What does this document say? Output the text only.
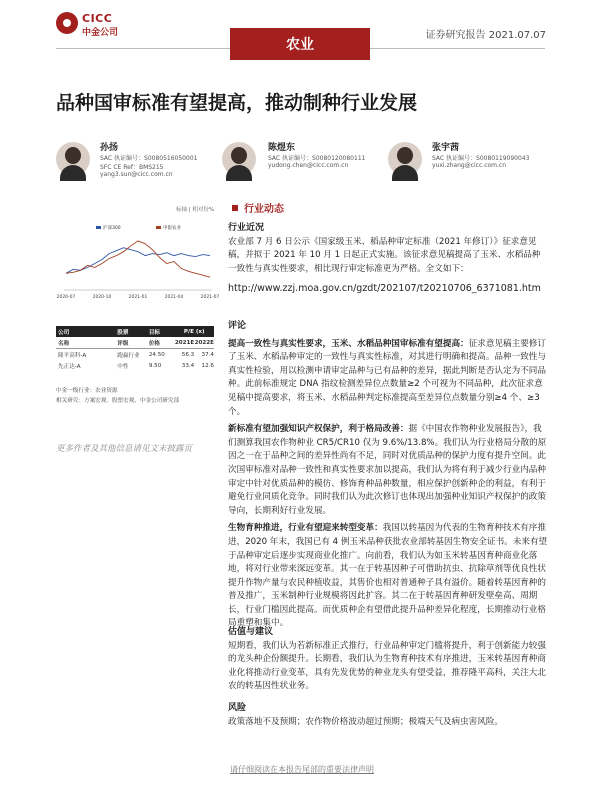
CICC
中金公司
农业
证券研究报告 2021.07.07
品种国审标准有望提高，推动制种行业发展
孙扬
SAC 执证编号：S0080516050001
SFC CE Ref：BMS215
yang3.sun@cicc.com.cn
陈煜东
SAC 执证编号：S0080120080111
yudong.chen@cicc.com.cn
张宇茜
SAC 执证编号：S0080119090043
yuxi.zhang@cicc.com.cn
标轴 | 相对份%
沪深300	申银农业
2020-07	2020-10	2021-01	2021-04	2021-07
公司	股票	目标	P/E (x)
名称	评级	价格	2021E 2022E
隆平高科-A	跑赢行业	24.50	56.3	37.4
先正达-A	中性	9.50	33.4	12.6
中金一级行业：农业资源
相关研究：方案宏观、股票宏观、中金公司研究部
更多作者及其他信息请见文末披露页
行业动态
行业近况
农业部 7 月 6 日公示《国家级玉米、稻品种审定标准（2021 年修订）》征求意见稿，并拟于 2021 年 10 月 1 日起正式实施。该征求意见稿提高了玉米、水稻品种一致性与真实性要求，相比现行审定标准更为严格。全文如下：
http://www.zzj.moa.gov.cn/gzdt/202107/t20210706_6371081.htm
评论
提高一致性与真实性要求，玉米、水稻品种国审标准有望提高：征求意见稿主要修订了玉米、水稻品种审定的一致性与真实性标准，对其进行明确和提高。品种一致性与真实性检验，用以检测申请审定品种与已有品种的差异，据此判断是否认定为不同品种。此前标准规定 DNA 指纹检测差异位点数量≥2 个可视为不同品种，此次征求意见稿中提高要求，将玉米、水稻品种判定标准提高至差异位点数量分别≥4 个、≥3 个。
新标准有望加强知识产权保护，利于格局改善：据《中国农作物种业发展报告》，我们测算我国农作物种业 CR5/CR10 仅为 9.6%/13.8%。我们认为行业格局分散的原因之一在于品种之间的差异性尚有不足，同时对优质品种的保护力度有提升空间。此次国审标准对品种一致性和真实性要求加以提高，我们认为将有利于减少行业内品种审定中针对优质品种的模仿、修饰育种品种数量，相应保护创新种企的利益，有利于避免行业同质化竞争。同时我们认为此次修订也体现出加强种业知识产权保护的政策导向，长期利好行业发展。
生物育种推进，行业有望迎来转型变革：我国以转基因为代表的生物育种技术有序推进，2020 年末，我国已有 4 例玉米品种获批农业部转基因生物安全证书。未来有望于品种审定后逐步实现商业化推广。向前看，我们认为如玉米转基因育种商业化落地，将对行业带来深远变革。其一在于转基因种子可借助抗虫、抗除草剂等优良性状提升作物产量与农民种植收益，其售价也相对普通种子具有溢价。随着转基因育种的普及推广，玉米制种行业规模将因此扩容。其二在于转基因育种研发壁垒高、周期长，行业门槛因此提高。而优质种企有望借此提升品种差异化程度，长期推动行业格局重塑和集中。
估值与建议
短期看，我们认为若新标准正式推行，行业品种审定门槛将提升，利于创新能力较强的龙头种企份额提升。长期看，我们认为生物育种技术有序推进，玉米转基因育种商业化将推动行业变革，具有先发优势的种业龙头有望受益，推荐隆平高科，关注大北农的转基因性状业务。
风险
政策落地不及预期；农作物价格波动超过预期；极端天气及病虫害风险。
请仔细阅读在本报告尾部的重要法律声明
